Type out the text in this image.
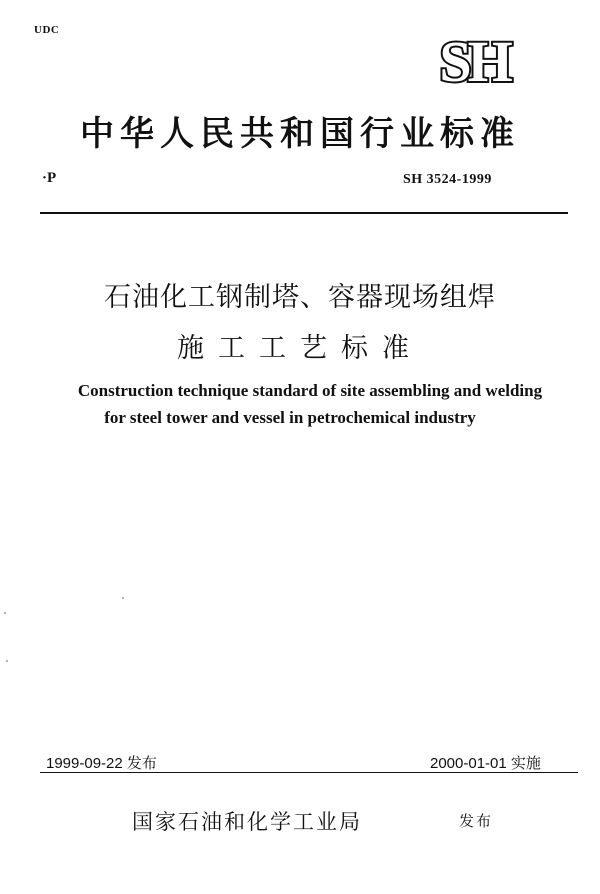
UDC	SH
中华人民共和国行业标准
·P	SH 3524-1999
石油化工钢制塔、容器现场组焊
施工工艺标准
Construction technique standard of site assembling and welding
for steel tower and vessel in petrochemical industry
1999-09-22 发布	2000-01-01 实施
国家石油和化学工业局	发布
